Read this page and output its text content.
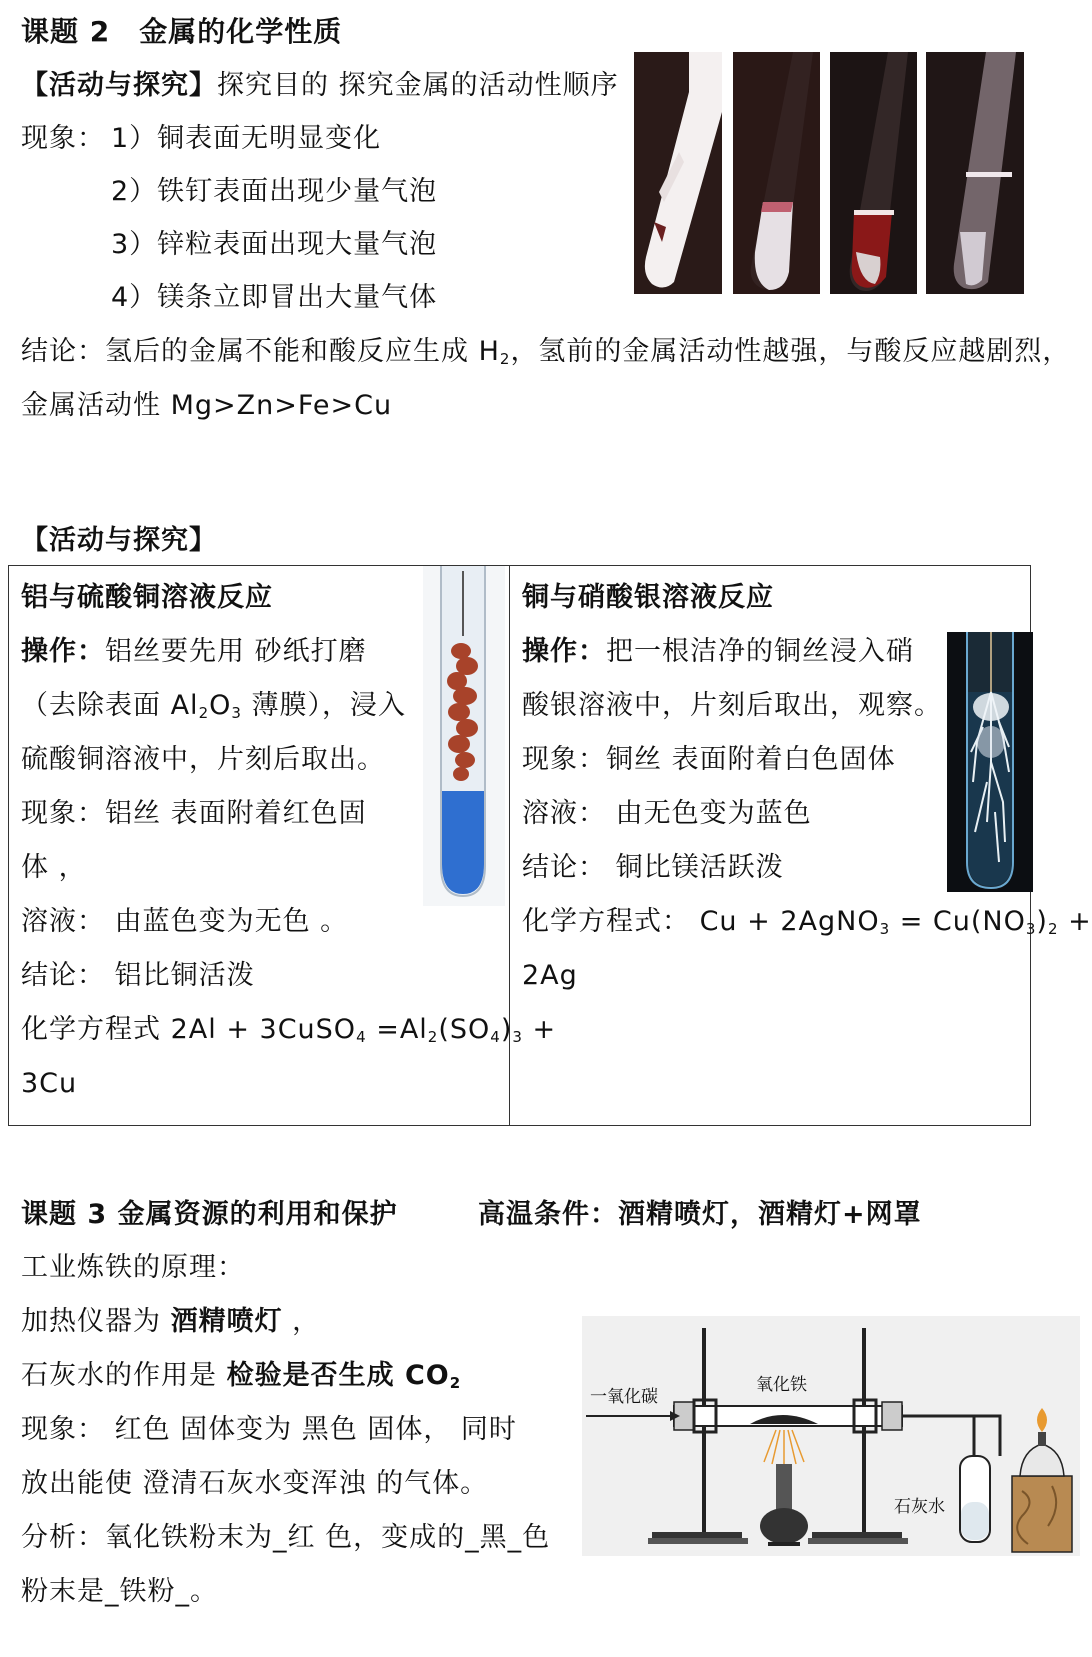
课题 2　金属的化学性质
【活动与探究】探究目的 探究金属的活动性顺序
现象： 1）铜表面无明显变化
2）铁钉表面出现少量气泡
3）锌粒表面出现大量气泡
4）镁条立即冒出大量气体
结论：氢后的金属不能和酸反应生成 $H_2$，氢前的金属活动性越强，与酸反应越剧烈，
金属活动性 Mg>Zn>Fe>Cu
【活动与探究】
铝与硫酸铜溶液反应
操作：铝丝要先用 砂纸打磨
（去除表面 $Al_2O_3$ 薄膜），浸入
硫酸铜溶液中，片刻后取出。
现象：铝丝 表面附着红色固
体 ，
溶液： 由蓝色变为无色 。
结论： 铝比铜活泼
化学方程式 2Al + 3CuSO$_4$ $=Al_2(SO_4)_3$ +
3Cu

铜与硝酸银溶液反应
操作：把一根洁净的铜丝浸入硝
酸银溶液中，片刻后取出，观察。
现象：铜丝 表面附着白色固体
溶液： 由无色变为蓝色
结论： 铜比镁活跃泼
化学方程式： Cu + 2AgNO$_3$ = $Cu(NO_3)_2$ +
2Ag
课题 3 金属资源的利用和保护	高温条件：酒精喷灯，酒精灯+网罩
工业炼铁的原理：
加热仪器为 酒精喷灯 ，
石灰水的作用是 检验是否生成 $CO_2$
现象： 红色 固体变为 黑色 固体， 同时
放出能使 澄清石灰水变浑浊 的气体。
分析：氧化铁粉末为_红 色，变成的_黑_色
粉末是_铁粉_。
一氧化碳
氧化铁
石灰水
